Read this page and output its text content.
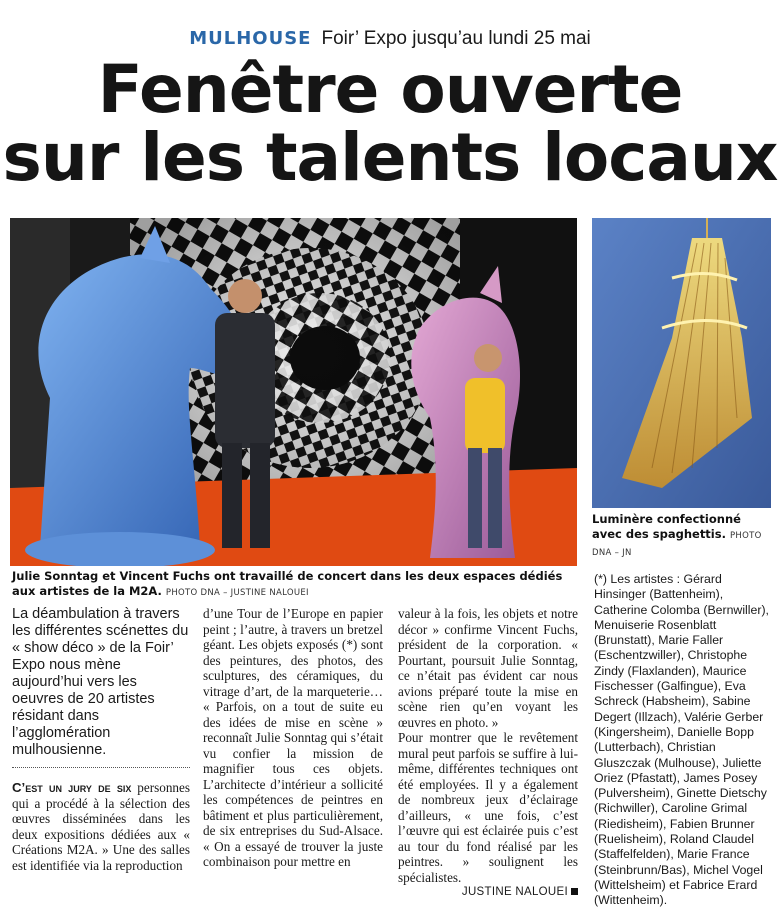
MULHOUSE Foir’ Expo jusqu’au lundi 25 mai
Fenêtre ouverte
sur les talents locaux
Julie Sonntag et Vincent Fuchs ont travaillé de concert dans les deux espaces dédiés aux artistes de la M2A. PHOTO DNA – JUSTINE NALOUEI
Luminère confectionné avec des spaghettis. PHOTO DNA – JN
La déambulation à travers les différentes scénettes du « show déco » de la Foir’ Expo nous mène aujourd’hui vers les oeuvres de 20 artistes résidant dans l’agglomération mulhousienne.
C’est un jury de six personnes qui a procédé à la sélection des œuvres disséminées dans les deux expositions dédiées aux « Créations M2A. » Une des salles est identifiée via la reproduction
valeur à la fois, les objets et notre décor » confirme Vincent Fuchs, président de la corporation. « Pourtant, poursuit Julie Sonntag, ce n’était pas évident car nous avions préparé toute la mise en scène rien qu’en voyant les œuvres en photo. »
Pour montrer que le revêtement mural peut parfois se suffire à lui-même, différentes techniques ont été employées. Il y a également de nombreux jeux d’éclairage d’ailleurs, « une fois, c’est l’œuvre qui est éclairée puis c’est au tour du fond réalisé par les peintres. » soulignent les spécialistes.
JUSTINE NALOUEI
(*) Les artistes : Gérard Hinsinger (Battenheim), Catherine Colomba (Bernwiller), Menuiserie Rosenblatt (Brunstatt), Marie Faller (Eschentzwiller), Christophe Zindy (Flaxlanden), Maurice Fischesser (Galfingue), Eva Schreck (Habsheim), Sabine Degert (Illzach), Valérie Gerber (Kingersheim), Danielle Bopp (Lutterbach), Christian Gluszczak (Mulhouse), Juliette Oriez (Pfastatt), James Posey (Pulversheim), Ginette Dietschy (Richwiller), Caroline Grimal (Riedisheim), Fabien Brunner (Ruelisheim), Roland Claudel (Staffelfelden), Marie France (Steinbrunn/Bas), Michel Vogel (Wittelsheim) et Fabrice Erard (Wittenheim).
d’une Tour de l’Europe en papier peint ; l’autre, à travers un bretzel géant. Les objets exposés (*) sont des peintures, des photos, des sculptures, des céramiques, du vitrage d’art, de la marqueterie… « Parfois, on a tout de suite eu des idées de mise en scène » reconnaît Julie Sonntag qui s’était vu confier la mission de magnifier tous ces objets. L’architecte d’intérieur a sollicité les compétences de peintres en bâtiment et plus particulièrement, de six entreprises du Sud-Alsace. « On a essayé de trouver la juste combinaison pour mettre en
